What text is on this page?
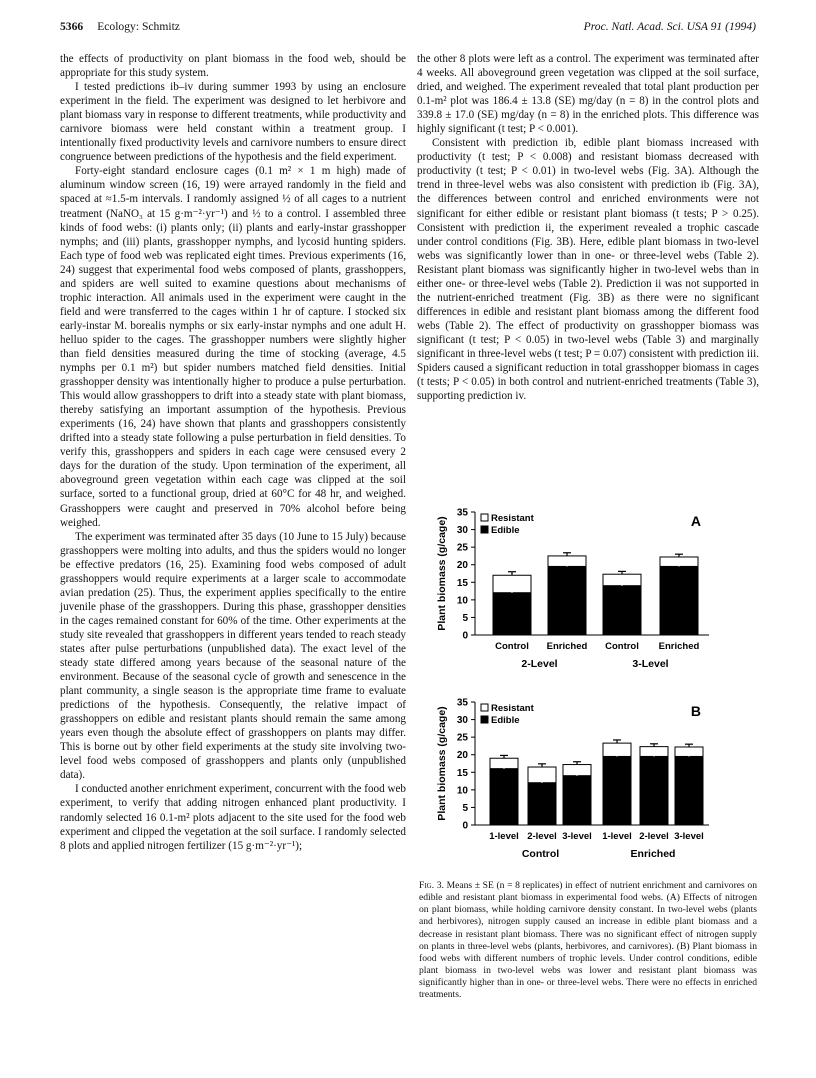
5366 Ecology: Schmitz	Proc. Natl. Acad. Sci. USA 91 (1994)

the effects of productivity on plant biomass in the food web, should be appropriate for this study system.

I tested predictions ib–iv during summer 1993 by using an enclosure experiment in the field. The experiment was designed to let herbivore and plant biomass vary in response to different treatments, while productivity and carnivore biomass were held constant within a treatment group. I intentionally fixed productivity levels and carnivore numbers to ensure direct congruence between predictions of the hypothesis and the field experiment.

Forty-eight standard enclosure cages (0.1 m² × 1 m high) made of aluminum window screen (16, 19) were arrayed randomly in the field and spaced at ≈1.5-m intervals. I randomly assigned ½ of all cages to a nutrient treatment (NaNO₃ at 15 g·m⁻²·yr⁻¹) and ½ to a control. I assembled three kinds of food webs: (i) plants only; (ii) plants and early-instar grasshopper nymphs; and (iii) plants, grasshopper nymphs, and lycosid hunting spiders. Each type of food web was replicated eight times. Previous experiments (16, 24) suggest that experimental food webs composed of plants, grasshoppers, and spiders are well suited to examine questions about mechanisms of trophic interaction. All animals used in the experiment were caught in the field and were transferred to the cages within 1 hr of capture. I stocked six early-instar M. borealis nymphs or six early-instar nymphs and one adult H. helluo spider to the cages. The grasshopper numbers were slightly higher than field densities measured during the time of stocking (average, 4.5 nymphs per 0.1 m²) but spider numbers matched field densities. Initial grasshopper density was intentionally higher to produce a pulse perturbation. This would allow grasshoppers to drift into a steady state with plant biomass, thereby satisfying an important assumption of the hypothesis. Previous experiments (16, 24) have shown that plants and grasshoppers consistently drifted into a steady state following a pulse perturbation in field densities. To verify this, grasshoppers and spiders in each cage were censused every 2 days for the duration of the study. Upon termination of the experiment, all aboveground green vegetation within each cage was clipped at the soil surface, sorted to a functional group, dried at 60°C for 48 hr, and weighed. Grasshoppers were caught and preserved in 70% alcohol before being weighed.

The experiment was terminated after 35 days (10 June to 15 July) because grasshoppers were molting into adults, and thus the spiders would no longer be effective predators (16, 25). Examining food webs composed of adult grasshoppers would require experiments at a larger scale to accommodate avian predation (25). Thus, the experiment applies specifically to the entire juvenile phase of the grasshoppers. During this phase, grasshopper densities in the cages remained constant for 60% of the time. Other experiments at the study site revealed that grasshoppers in different years tended to reach steady states after pulse perturbations (unpublished data). The exact level of the steady state differed among years because of the seasonal nature of the environment. Because of the seasonal cycle of growth and senescence in the plant community, a single season is the appropriate time frame to evaluate predictions of the hypothesis. Consequently, the relative impact of grasshoppers on edible and resistant plants should remain the same among years even though the absolute effect of grasshoppers on plants may differ. This is borne out by other field experiments at the study site involving two-level food webs composed of grasshoppers and plants only (unpublished data).

I conducted another enrichment experiment, concurrent with the food web experiment, to verify that adding nitrogen enhanced plant productivity. I randomly selected 16 0.1-m² plots adjacent to the site used for the food web experiment and clipped the vegetation at the soil surface. I randomly selected 8 plots and applied nitrogen fertilizer (15 g·m⁻²·yr⁻¹);

the other 8 plots were left as a control. The experiment was terminated after 4 weeks. All aboveground green vegetation was clipped at the soil surface, dried, and weighed. The experiment revealed that total plant production per 0.1-m² plot was 186.4 ± 13.8 (SE) mg/day (n = 8) in the control plots and 339.8 ± 17.0 (SE) mg/day (n = 8) in the enriched plots. This difference was highly significant (t test; P < 0.001).

Consistent with prediction ib, edible plant biomass increased with productivity (t test; P < 0.008) and resistant biomass decreased with productivity (t test; P < 0.01) in two-level webs (Fig. 3A). Although the trend in three-level webs was also consistent with prediction ib (Fig. 3A), the differences between control and enriched environments were not significant for either edible or resistant plant biomass (t tests; P > 0.25). Consistent with prediction ii, the experiment revealed a trophic cascade under control conditions (Fig. 3B). Here, edible plant biomass in two-level webs was significantly lower than in one- or three-level webs (Table 2). Resistant plant biomass was significantly higher in two-level webs than in either one- or three-level webs (Table 2). Prediction ii was not supported in the nutrient-enriched treatment (Fig. 3B) as there were no significant differences in edible and resistant plant biomass among the different food webs (Table 2). The effect of productivity on grasshopper biomass was significant (t test; P < 0.05) in two-level webs (Table 3) and marginally significant in three-level webs (t test; P = 0.07) consistent with prediction iii. Spiders caused a significant reduction in total grasshopper biomass in cages (t tests; P < 0.05) in both control and nutrient-enriched treatments (Table 3), supporting prediction iv.

0
5
10
15
20
25
30
35
Plant biomass (g/cage)
Control Enriched Control Enriched
2-Level	3-Level
Resistant
Edible
A
0
5
10
15
20
25
30
35
Plant biomass (g/cage)
1-level 2-level 3-level 1-level 2-level 3-level
Control	Enriched
Resistant
Edible
B
Fig. 3. Means ± SE (n = 8 replicates) in effect of nutrient enrichment and carnivores on edible and resistant plant biomass in experimental food webs. (A) Effects of nitrogen on plant biomass, while holding carnivore density constant. In two-level webs (plants and herbivores), nitrogen supply caused an increase in edible plant biomass and a decrease in resistant plant biomass. There was no significant effect of nitrogen supply on plants in three-level webs (plants, herbivores, and carnivores). (B) Plant biomass in food webs with different numbers of trophic levels. Under control conditions, edible plant biomass in two-level webs was lower and resistant plant biomass was significantly higher than in one- or three-level webs. There were no effects in enriched treatments.
